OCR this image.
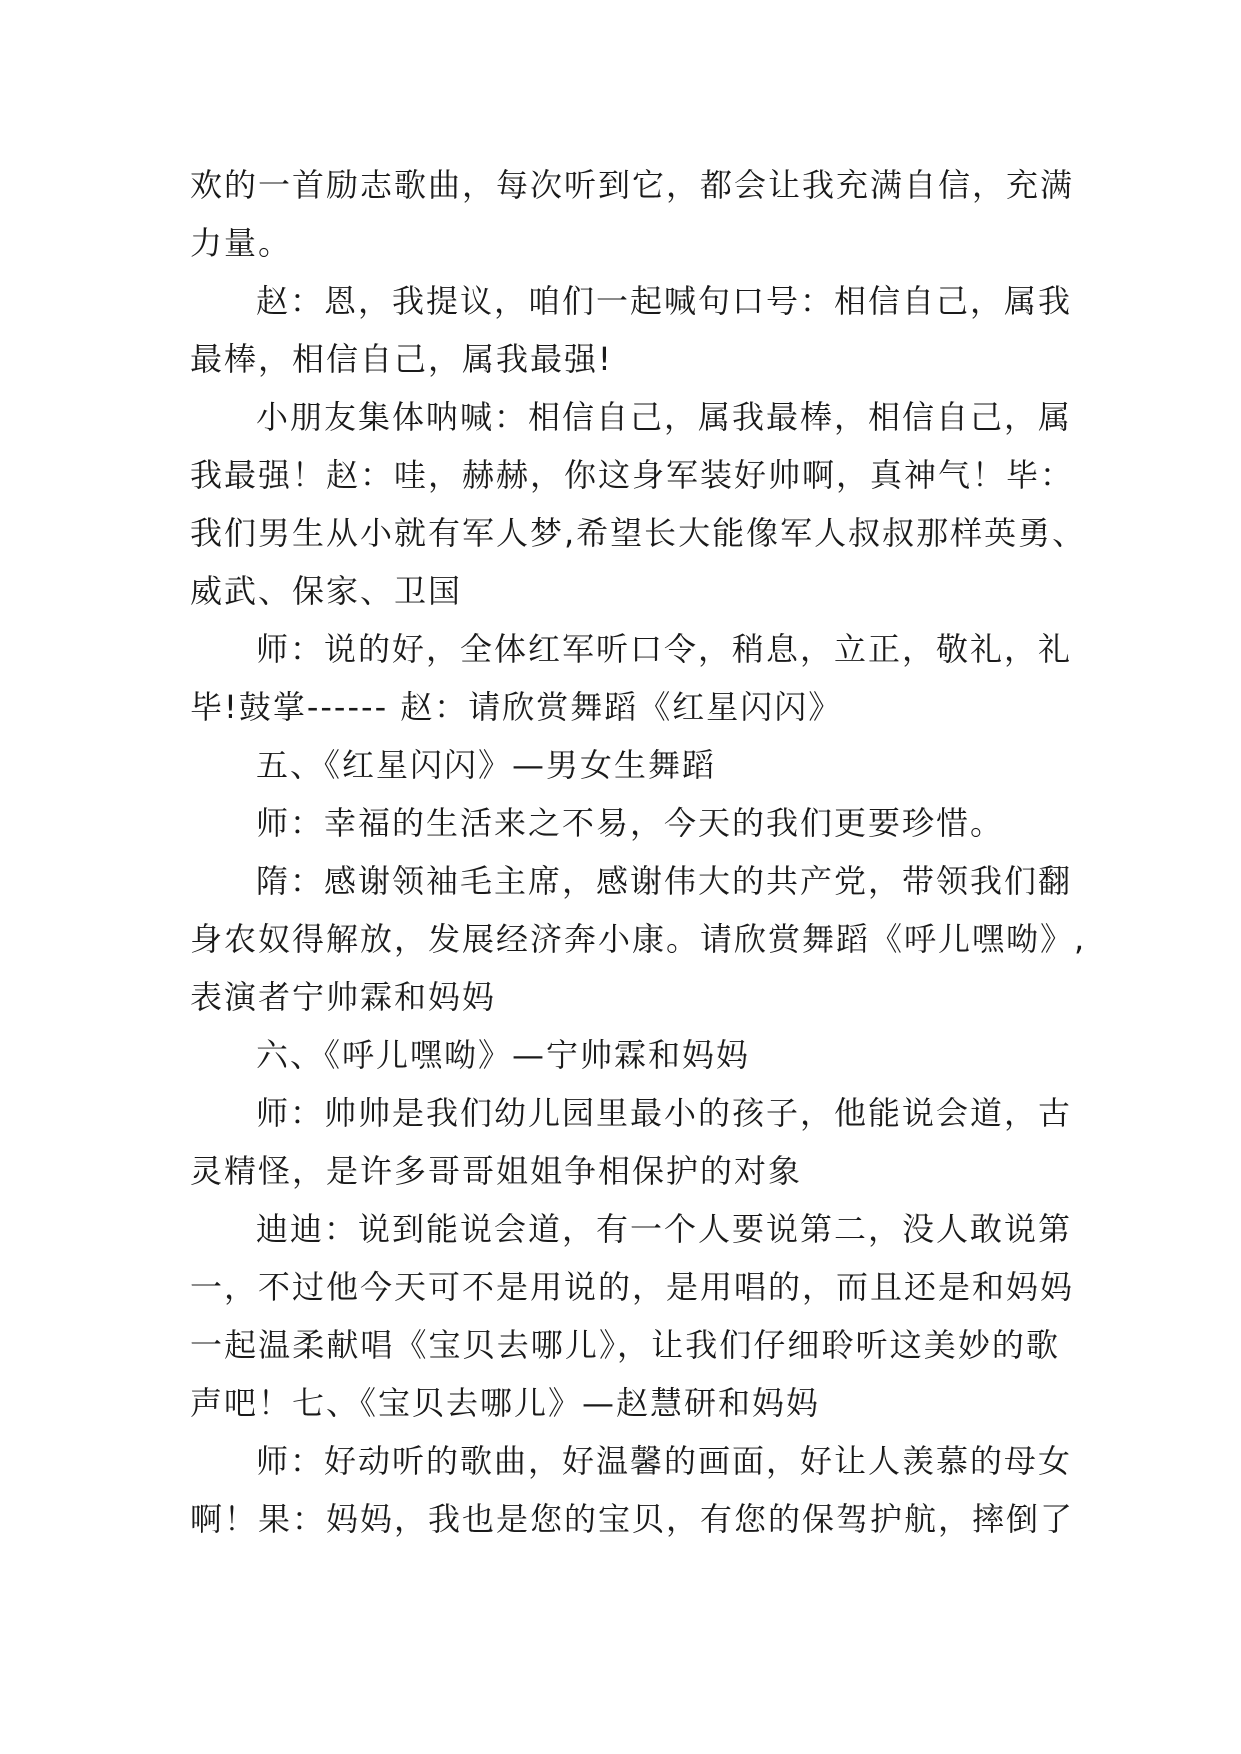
欢的一首励志歌曲，每次听到它，都会让我充满自信，充满
力量。
赵：恩，我提议，咱们一起喊句口号：相信自己，属我
最棒，相信自己，属我最强!
小朋友集体呐喊：相信自己，属我最棒，相信自己，属
我最强！赵：哇，赫赫，你这身军装好帅啊，真神气！毕：
我们男生从小就有军人梦,希望长大能像军人叔叔那样英勇、
威武、保家、卫国
师：说的好，全体红军听口令，稍息，立正，敬礼，礼
毕!鼓掌------ 赵：请欣赏舞蹈《红星闪闪》
五、《红星闪闪》—男女生舞蹈
师：幸福的生活来之不易，今天的我们更要珍惜。
隋：感谢领袖毛主席，感谢伟大的共产党，带领我们翻
身农奴得解放，发展经济奔小康。请欣赏舞蹈《呼儿嘿呦》,
表演者宁帅霖和妈妈
六、《呼儿嘿呦》—宁帅霖和妈妈
师：帅帅是我们幼儿园里最小的孩子，他能说会道，古
灵精怪，是许多哥哥姐姐争相保护的对象
迪迪：说到能说会道，有一个人要说第二，没人敢说第
一，不过他今天可不是用说的，是用唱的，而且还是和妈妈
一起温柔献唱《宝贝去哪儿》，让我们仔细聆听这美妙的歌
声吧！七、《宝贝去哪儿》—赵慧研和妈妈
师：好动听的歌曲，好温馨的画面，好让人羡慕的母女
啊！果：妈妈，我也是您的宝贝，有您的保驾护航，摔倒了
